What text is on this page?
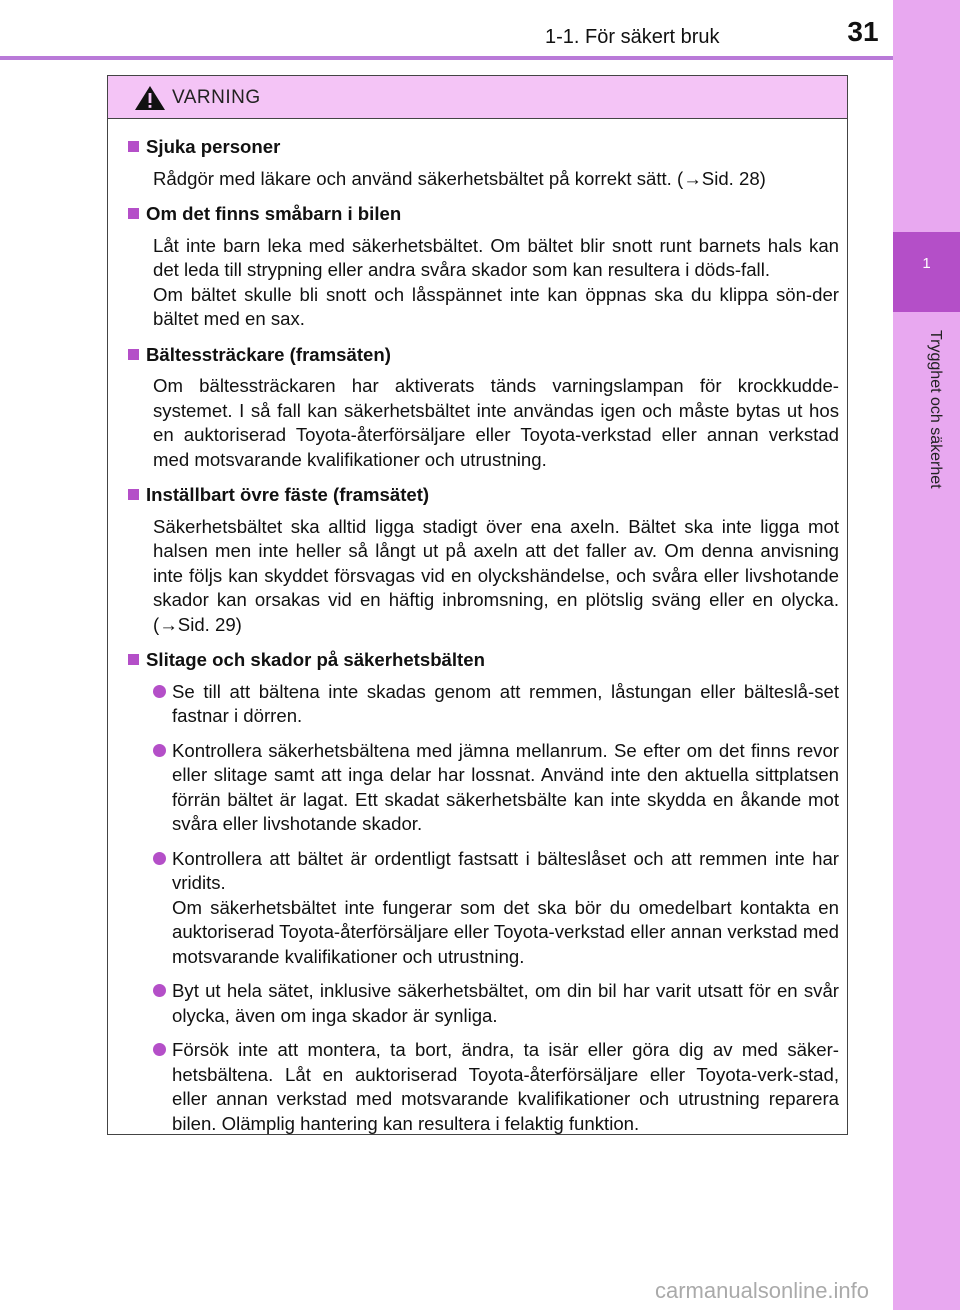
1-1. För säkert bruk	31
1
Trygghet och säkerhet
VARNING
Sjuka personer
Rådgör med läkare och använd säkerhetsbältet på korrekt sätt. (→Sid. 28)
Om det finns småbarn i bilen
Låt inte barn leka med säkerhetsbältet. Om bältet blir snott runt barnets hals kan det leda till strypning eller andra svåra skador som kan resultera i döds-fall.
Om bältet skulle bli snott och låsspännet inte kan öppnas ska du klippa sön-der bältet med en sax.
Bältessträckare (framsäten)
Om bältessträckaren har aktiverats tänds varningslampan för krockkudde-systemet. I så fall kan säkerhetsbältet inte användas igen och måste bytas ut hos en auktoriserad Toyota-återförsäljare eller Toyota-verkstad eller annan verkstad med motsvarande kvalifikationer och utrustning.
Inställbart övre fäste (framsätet)
Säkerhetsbältet ska alltid ligga stadigt över ena axeln. Bältet ska inte ligga mot halsen men inte heller så långt ut på axeln att det faller av. Om denna anvisning inte följs kan skyddet försvagas vid en olyckshändelse, och svåra eller livshotande skador kan orsakas vid en häftig inbromsning, en plötslig sväng eller en olycka. (→Sid. 29)
Slitage och skador på säkerhetsbälten
Se till att bältena inte skadas genom att remmen, låstungan eller bälteslå-set fastnar i dörren.
Kontrollera säkerhetsbältena med jämna mellanrum. Se efter om det finns revor eller slitage samt att inga delar har lossnat. Använd inte den aktuella sittplatsen förrän bältet är lagat. Ett skadat säkerhetsbälte kan inte skydda en åkande mot svåra eller livshotande skador.
Kontrollera att bältet är ordentligt fastsatt i bälteslåset och att remmen inte har vridits.
Om säkerhetsbältet inte fungerar som det ska bör du omedelbart kontakta en auktoriserad Toyota-återförsäljare eller Toyota-verkstad eller annan verkstad med motsvarande kvalifikationer och utrustning.
Byt ut hela sätet, inklusive säkerhetsbältet, om din bil har varit utsatt för en svår olycka, även om inga skador är synliga.
Försök inte att montera, ta bort, ändra, ta isär eller göra dig av med säker-hetsbältena. Låt en auktoriserad Toyota-återförsäljare eller Toyota-verk-stad, eller annan verkstad med motsvarande kvalifikationer och utrustning reparera bilen. Olämplig hantering kan resultera i felaktig funktion.
carmanualsonline.info
